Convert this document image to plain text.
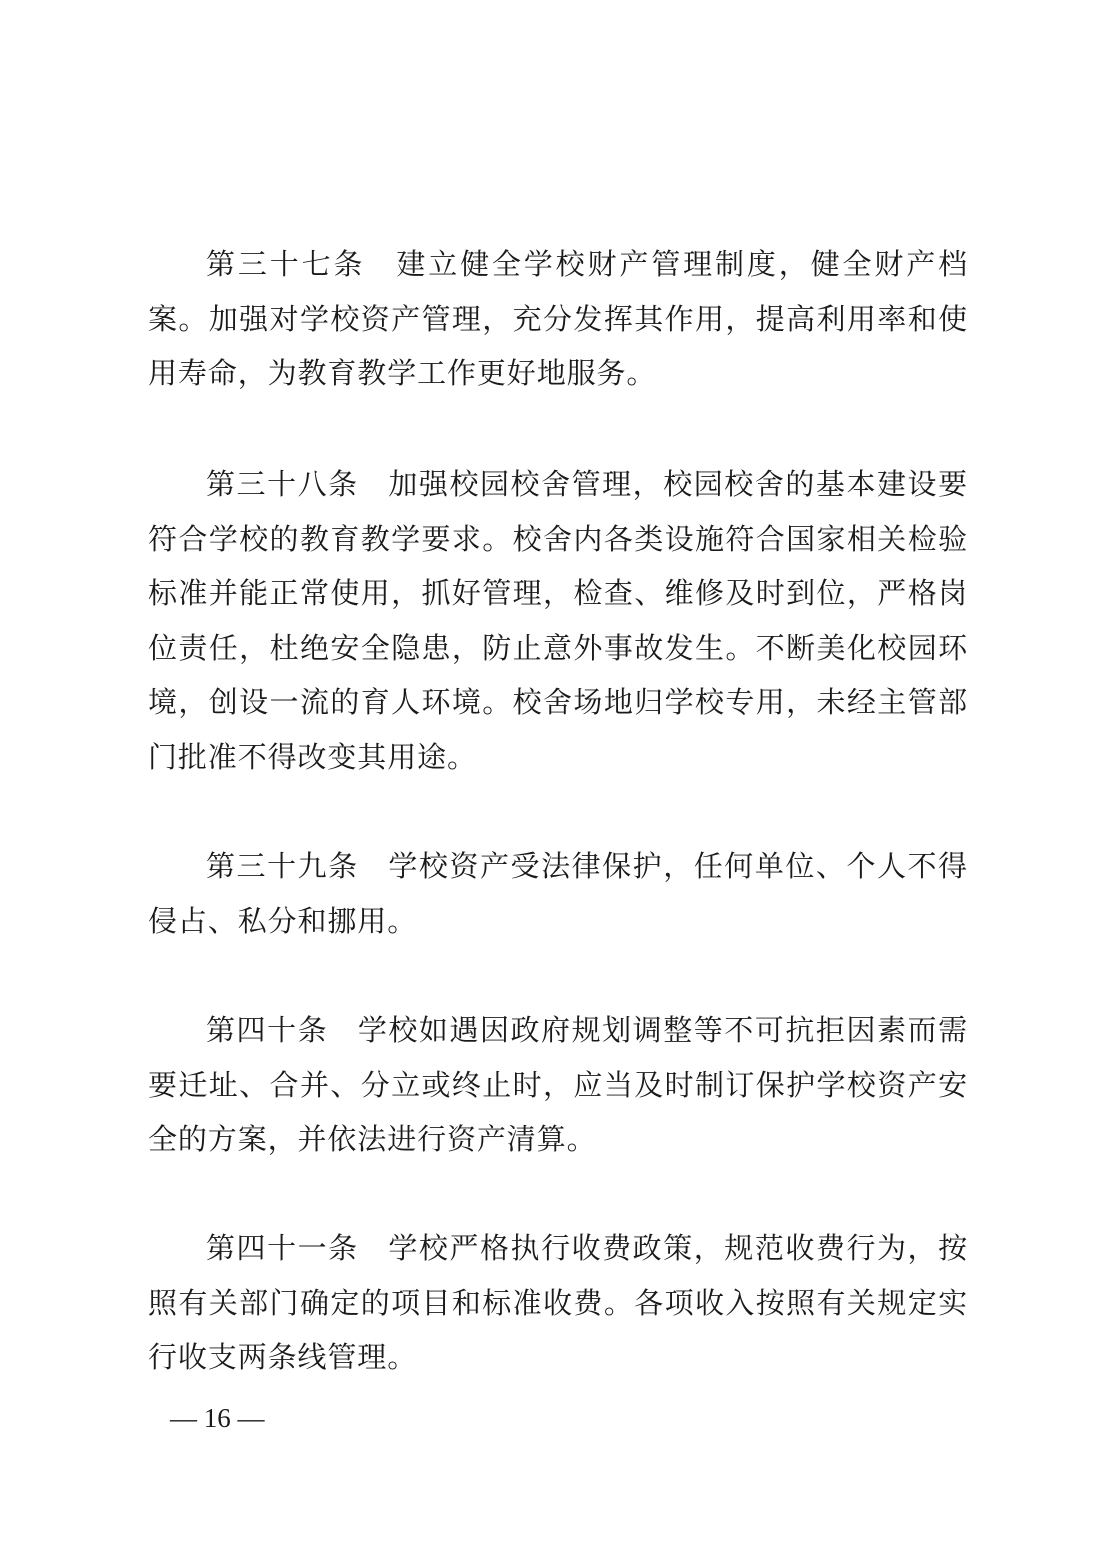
第三十七条 建立健全学校财产管理制度，健全财产档案。加强对学校资产管理，充分发挥其作用，提高利用率和使用寿命，为教育教学工作更好地服务。

第三十八条 加强校园校舍管理，校园校舍的基本建设要符合学校的教育教学要求。校舍内各类设施符合国家相关检验标准并能正常使用，抓好管理，检查、维修及时到位，严格岗位责任，杜绝安全隐患，防止意外事故发生。不断美化校园环境，创设一流的育人环境。校舍场地归学校专用，未经主管部门批准不得改变其用途。

第三十九条 学校资产受法律保护，任何单位、个人不得侵占、私分和挪用。

第四十条 学校如遇因政府规划调整等不可抗拒因素而需要迁址、合并、分立或终止时，应当及时制订保护学校资产安全的方案，并依法进行资产清算。

第四十一条 学校严格执行收费政策，规范收费行为，按照有关部门确定的项目和标准收费。各项收入按照有关规定实行收支两条线管理。

— 16 —
